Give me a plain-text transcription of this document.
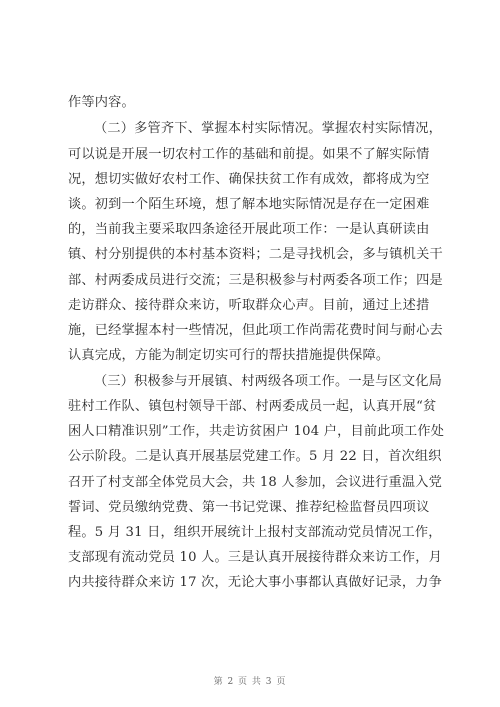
作等内容。
（二）多管齐下、掌握本村实际情况。掌握农村实际情况，
可以说是开展一切农村工作的基础和前提。如果不了解实际情
况，想切实做好农村工作、确保扶贫工作有成效，都将成为空
谈。初到一个陌生环境，想了解本地实际情况是存在一定困难
的，当前我主要采取四条途径开展此项工作：一是认真研读由
镇、村分别提供的本村基本资料；二是寻找机会，多与镇机关干
部、村两委成员进行交流；三是积极参与村两委各项工作；四是
走访群众、接待群众来访，听取群众心声。目前，通过上述措
施，已经掌握本村一些情况，但此项工作尚需花费时间与耐心去
认真完成，方能为制定切实可行的帮扶措施提供保障。
（三）积极参与开展镇、村两级各项工作。一是与区文化局
驻村工作队、镇包村领导干部、村两委成员一起，认真开展“贫
困人口精准识别”工作，共走访贫困户 104 户，目前此项工作处
公示阶段。二是认真开展基层党建工作。5 月 22 日，首次组织
召开了村支部全体党员大会，共 18 人参加，会议进行重温入党
誓词、党员缴纳党费、第一书记党课、推荐纪检监督员四项议
程。5 月 31 日，组织开展统计上报村支部流动党员情况工作，
支部现有流动党员 10 人。三是认真开展接待群众来访工作，月
内共接待群众来访 17 次，无论大事小事都认真做好记录，力争
第 2 页 共 3 页
